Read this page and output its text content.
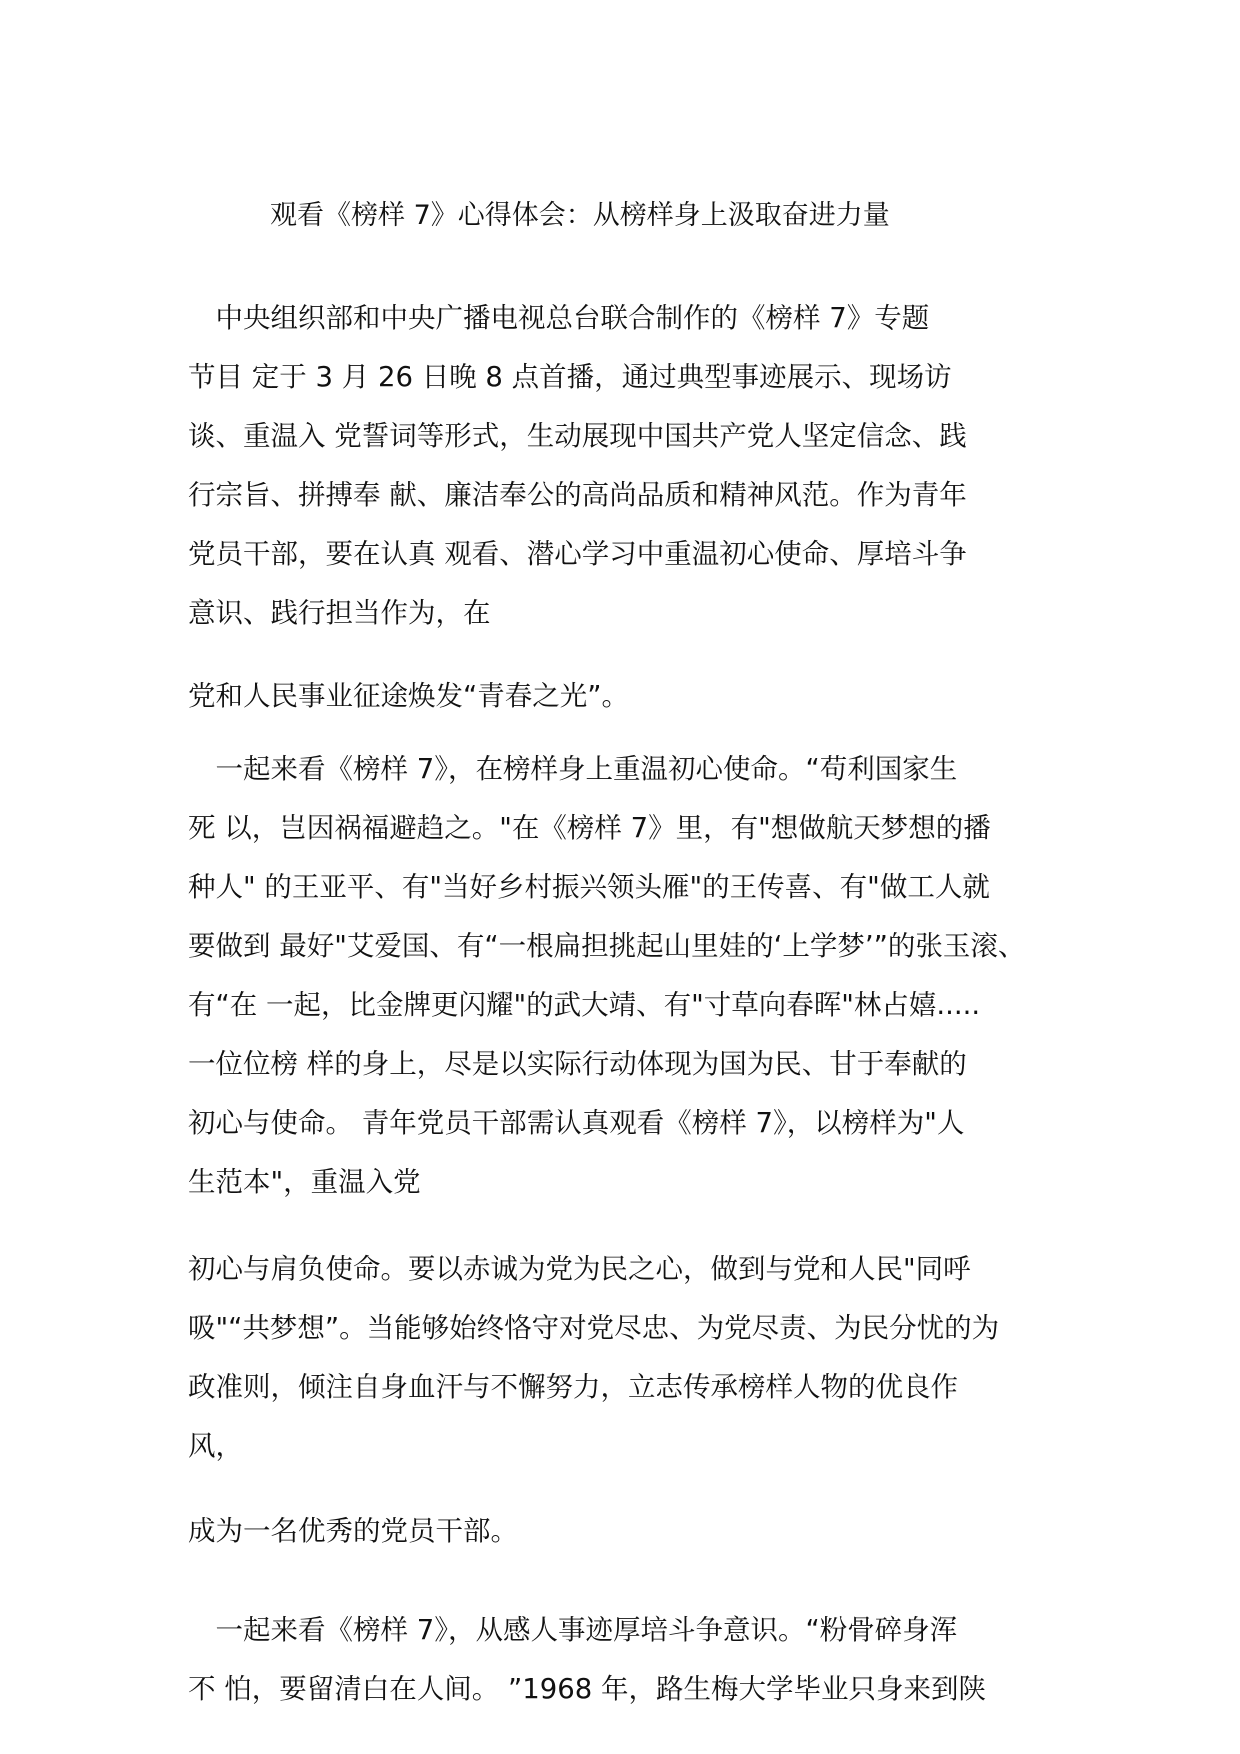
观看《榜样 7》心得体会：从榜样身上汲取奋进力量
　中央组织部和中央广播电视总台联合制作的《榜样 7》专题
节目 定于 3 月 26 日晚 8 点首播，通过典型事迹展示、现场访
谈、重温入 党誓词等形式，生动展现中国共产党人坚定信念、践
行宗旨、拼搏奉 献、廉洁奉公的高尚品质和精神风范。作为青年
党员干部，要在认真 观看、潜心学习中重温初心使命、厚培斗争
意识、践行担当作为，在
党和人民事业征途焕发“青春之光”。
　一起来看《榜样 7》，在榜样身上重温初心使命。“苟利国家生
死 以，岂因祸福避趋之。"在《榜样 7》里，有"想做航天梦想的播
种人" 的王亚平、有"当好乡村振兴领头雁"的王传喜、有"做工人就
要做到 最好"艾爱国、有“一根扁担挑起山里娃的‘上学梦’”的张玉滚、
有“在 一起，比金牌更闪耀"的武大靖、有"寸草向春晖"林占嬉.....
一位位榜 样的身上，尽是以实际行动体现为国为民、甘于奉献的
初心与使命。 青年党员干部需认真观看《榜样 7》，以榜样为"人
生范本"，重温入党
初心与肩负使命。要以赤诚为党为民之心，做到与党和人民"同呼
吸"“共梦想”。当能够始终恪守对党尽忠、为党尽责、为民分忧的为
政准则，倾注自身血汗与不懈努力，立志传承榜样人物的优良作
风，
成为一名优秀的党员干部。
　一起来看《榜样 7》，从感人事迹厚培斗争意识。“粉骨碎身浑
不 怕，要留清白在人间。 ”1968 年，路生梅大学毕业只身来到陕
